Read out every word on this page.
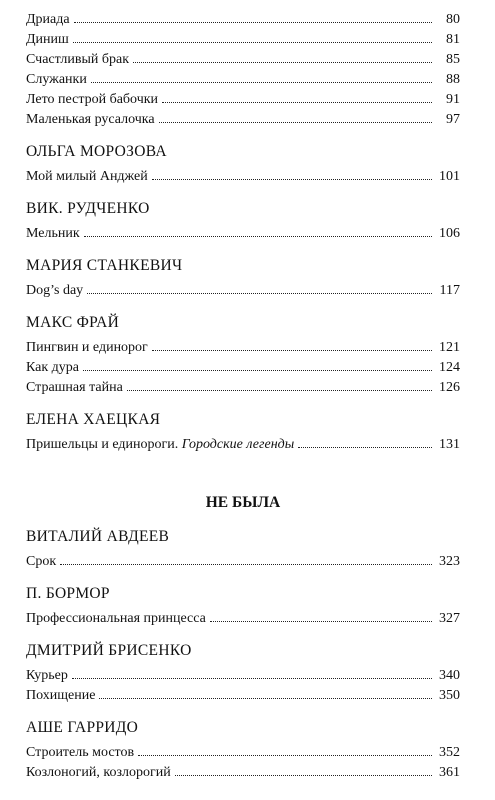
Дриада	80
Диниш	81
Счастливый брак	85
Служанки	88
Лето пестрой бабочки	91
Маленькая русалочка	97
ОЛЬГА МОРОЗОВА
Мой милый Анджей	101
ВИК. РУДЧЕНКО
Мельник	106
МАРИЯ СТАНКЕВИЧ
Dog’s day	117
МАКС ФРАЙ
Пингвин и единорог	121
Как дура	124
Страшная тайна	126
ЕЛЕНА ХАЕЦКАЯ
Пришельцы и единороги. Городские легенды	131
НЕ БЫЛА
ВИТАЛИЙ АВДЕЕВ
Срок	323
П. БОРМОР
Профессиональная принцесса	327
ДМИТРИЙ БРИСЕНКО
Курьер	340
Похищение	350
АШЕ ГАРРИДО
Строитель мостов	352
Козлоногий, козлорогий	361
